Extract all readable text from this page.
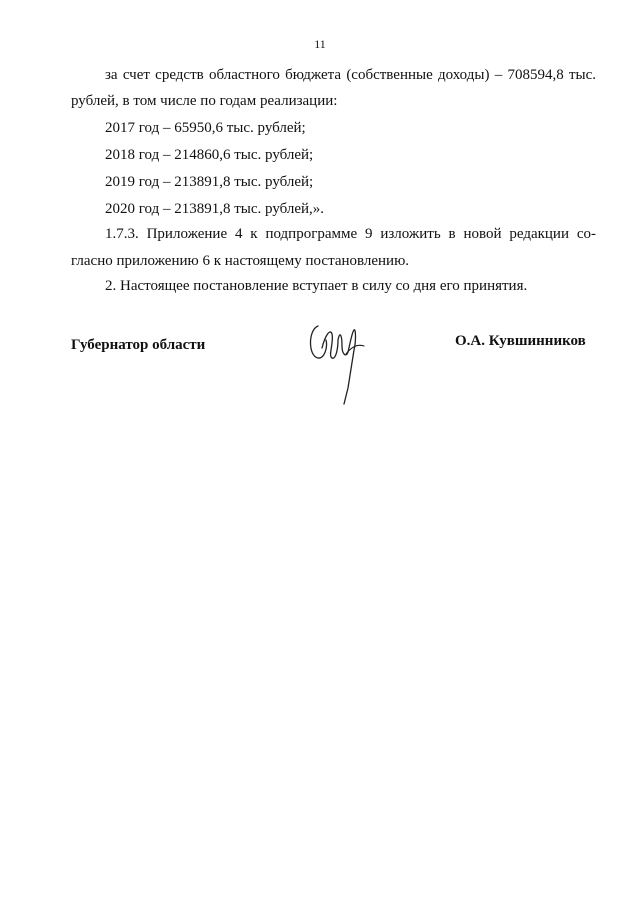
11
за счет средств областного бюджета (собственные доходы) – 708594,8 тыс.
рублей, в том числе по годам реализации:
2017 год – 65950,6 тыс. рублей;
2018 год – 214860,6 тыс. рублей;
2019 год – 213891,8 тыс. рублей;
2020 год – 213891,8 тыс. рублей,».
1.7.3. Приложение 4 к подпрограмме 9 изложить в новой редакции со-
гласно приложению 6 к настоящему постановлению.
2. Настоящее постановление вступает в силу со дня его принятия.
Губернатор области	О.А. Кувшинников
